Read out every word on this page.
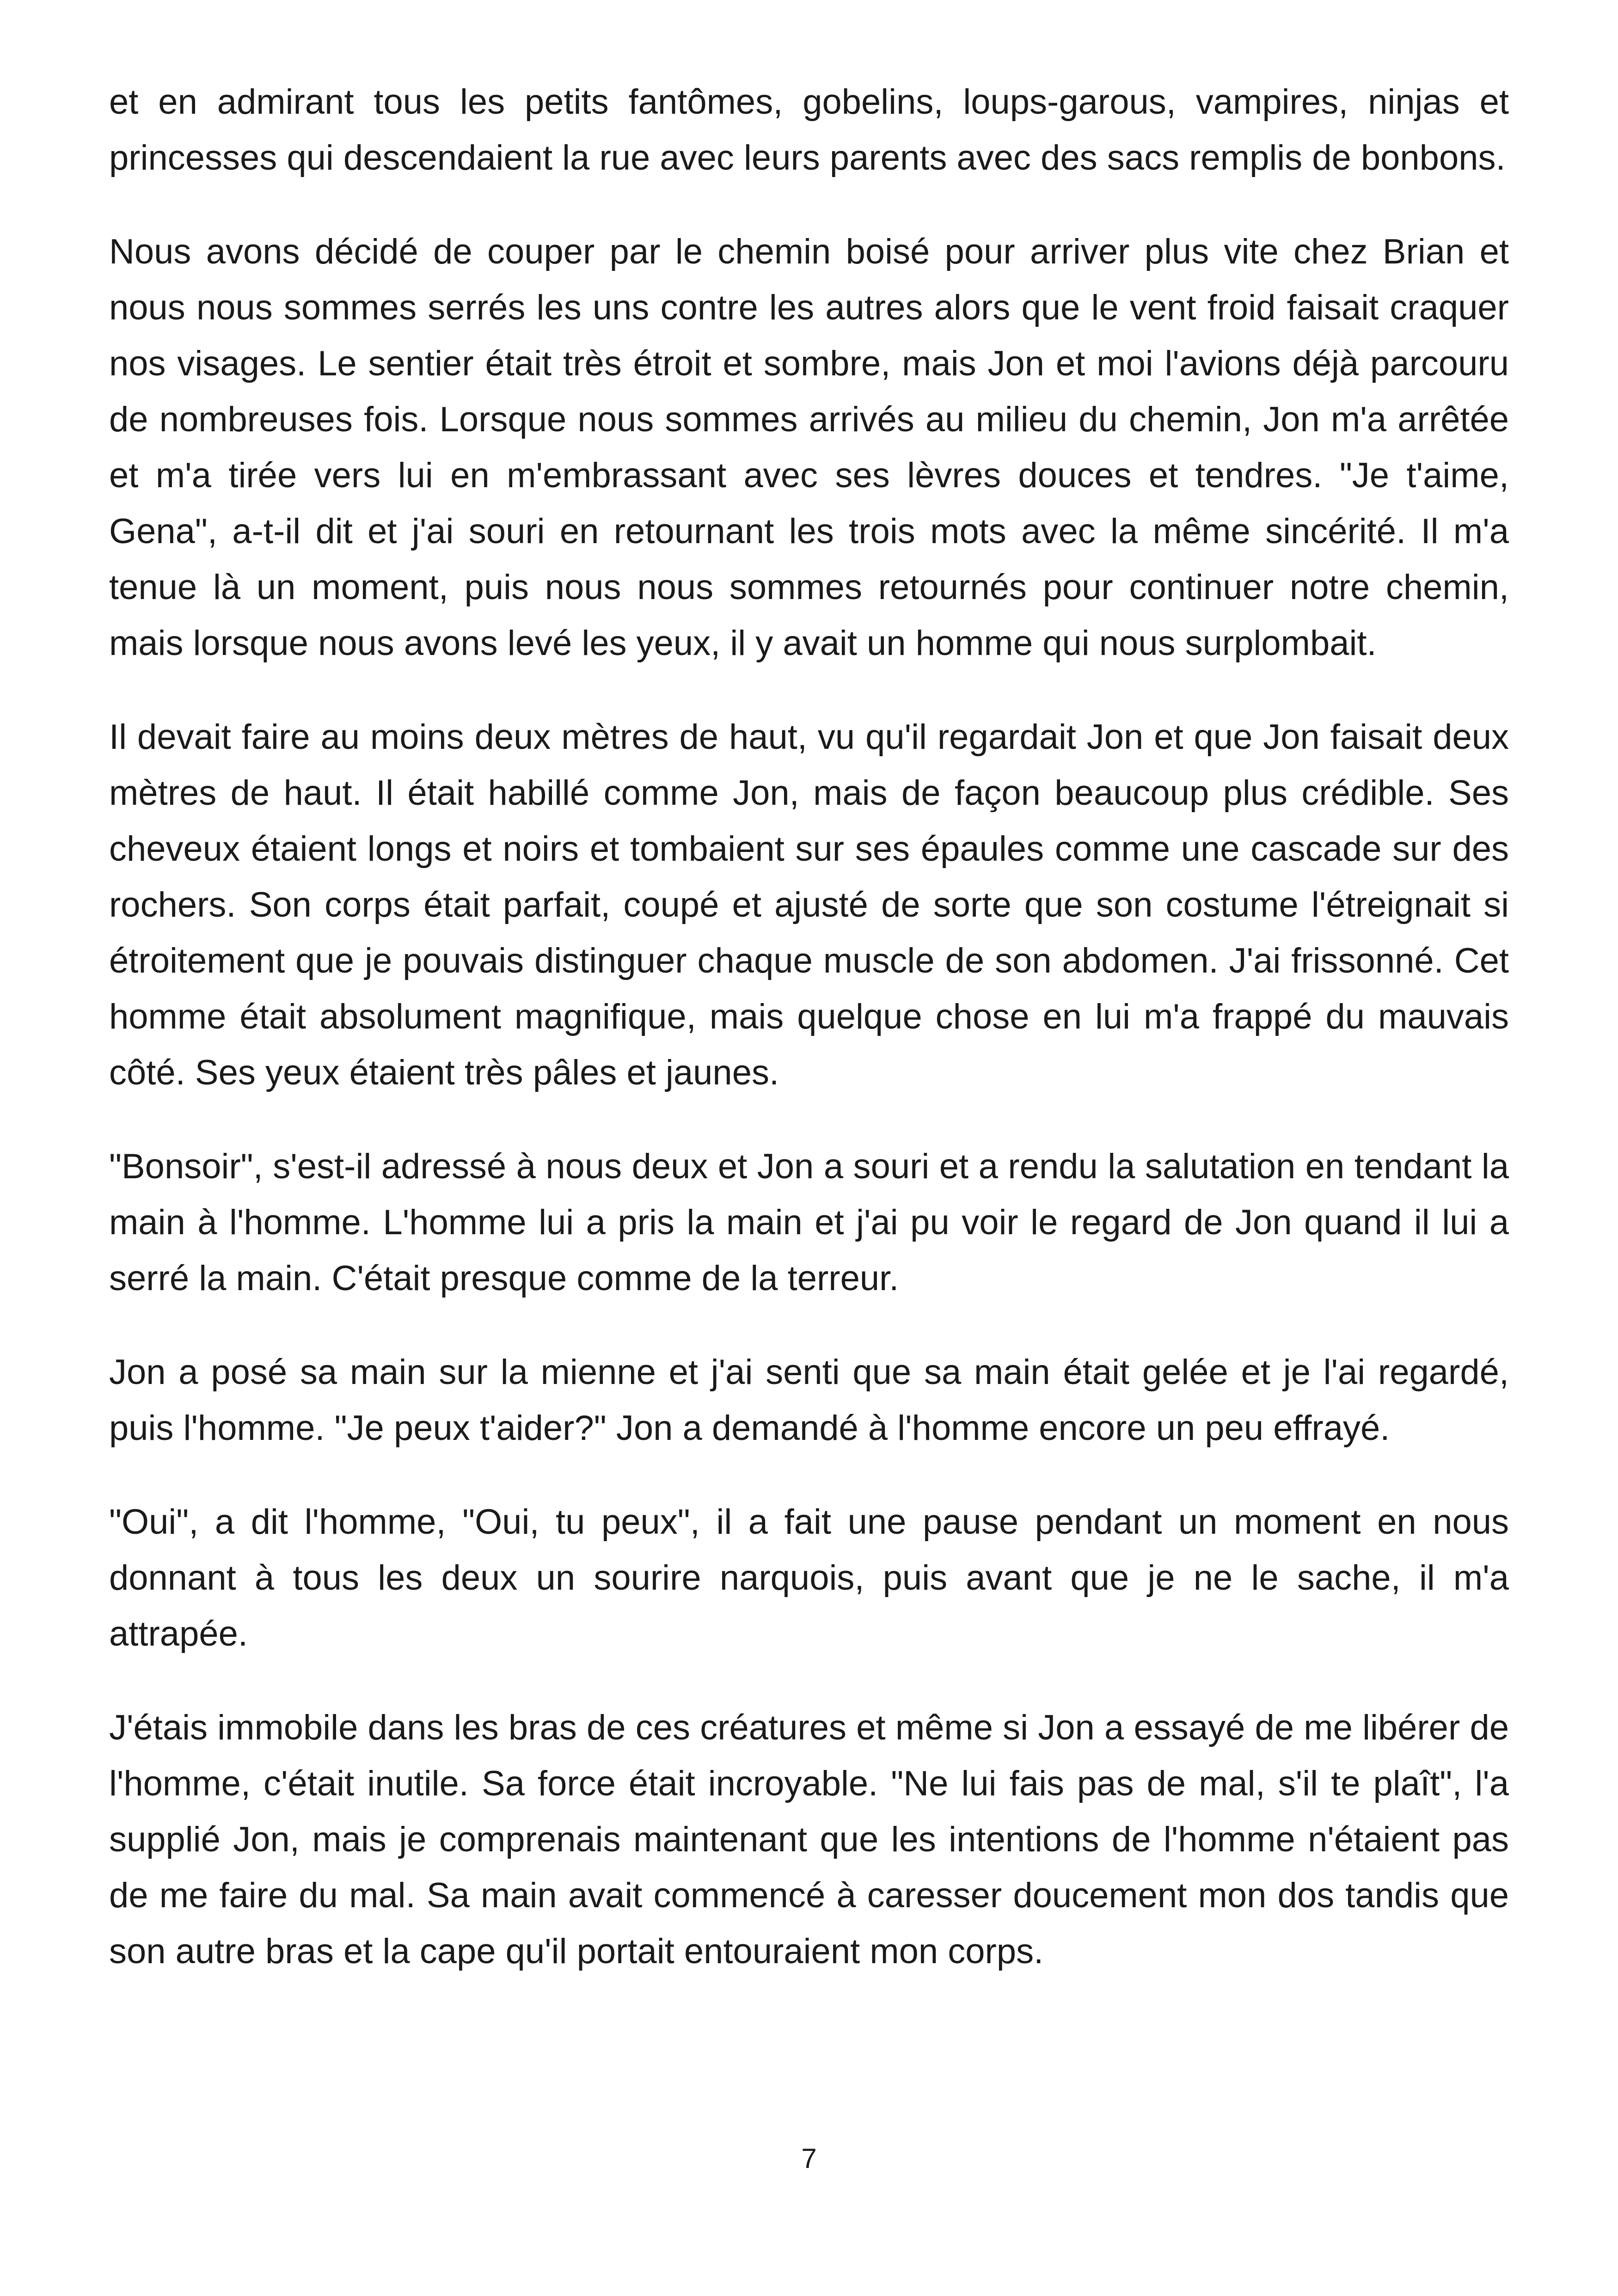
et en admirant tous les petits fantômes, gobelins, loups-garous, vampires, ninjas et princesses qui descendaient la rue avec leurs parents avec des sacs remplis de bonbons.

Nous avons décidé de couper par le chemin boisé pour arriver plus vite chez Brian et nous nous sommes serrés les uns contre les autres alors que le vent froid faisait craquer nos visages. Le sentier était très étroit et sombre, mais Jon et moi l'avions déjà parcouru de nombreuses fois. Lorsque nous sommes arrivés au milieu du chemin, Jon m'a arrêtée et m'a tirée vers lui en m'embrassant avec ses lèvres douces et tendres. "Je t'aime, Gena", a-t-il dit et j'ai souri en retournant les trois mots avec la même sincérité. Il m'a tenue là un moment, puis nous nous sommes retournés pour continuer notre chemin, mais lorsque nous avons levé les yeux, il y avait un homme qui nous surplombait.

Il devait faire au moins deux mètres de haut, vu qu'il regardait Jon et que Jon faisait deux mètres de haut. Il était habillé comme Jon, mais de façon beaucoup plus crédible. Ses cheveux étaient longs et noirs et tombaient sur ses épaules comme une cascade sur des rochers. Son corps était parfait, coupé et ajusté de sorte que son costume l'étreignait si étroitement que je pouvais distinguer chaque muscle de son abdomen. J'ai frissonné. Cet homme était absolument magnifique, mais quelque chose en lui m'a frappé du mauvais côté. Ses yeux étaient très pâles et jaunes.

"Bonsoir", s'est-il adressé à nous deux et Jon a souri et a rendu la salutation en tendant la main à l'homme. L'homme lui a pris la main et j'ai pu voir le regard de Jon quand il lui a serré la main. C'était presque comme de la terreur.

Jon a posé sa main sur la mienne et j'ai senti que sa main était gelée et je l'ai regardé, puis l'homme. "Je peux t'aider?" Jon a demandé à l'homme encore un peu effrayé.

"Oui", a dit l'homme, "Oui, tu peux", il a fait une pause pendant un moment en nous donnant à tous les deux un sourire narquois, puis avant que je ne le sache, il m'a attrapée.

J'étais immobile dans les bras de ces créatures et même si Jon a essayé de me libérer de l'homme, c'était inutile. Sa force était incroyable. "Ne lui fais pas de mal, s'il te plaît", l'a supplié Jon, mais je comprenais maintenant que les intentions de l'homme n'étaient pas de me faire du mal. Sa main avait commencé à caresser doucement mon dos tandis que son autre bras et la cape qu'il portait entouraient mon corps.

7
